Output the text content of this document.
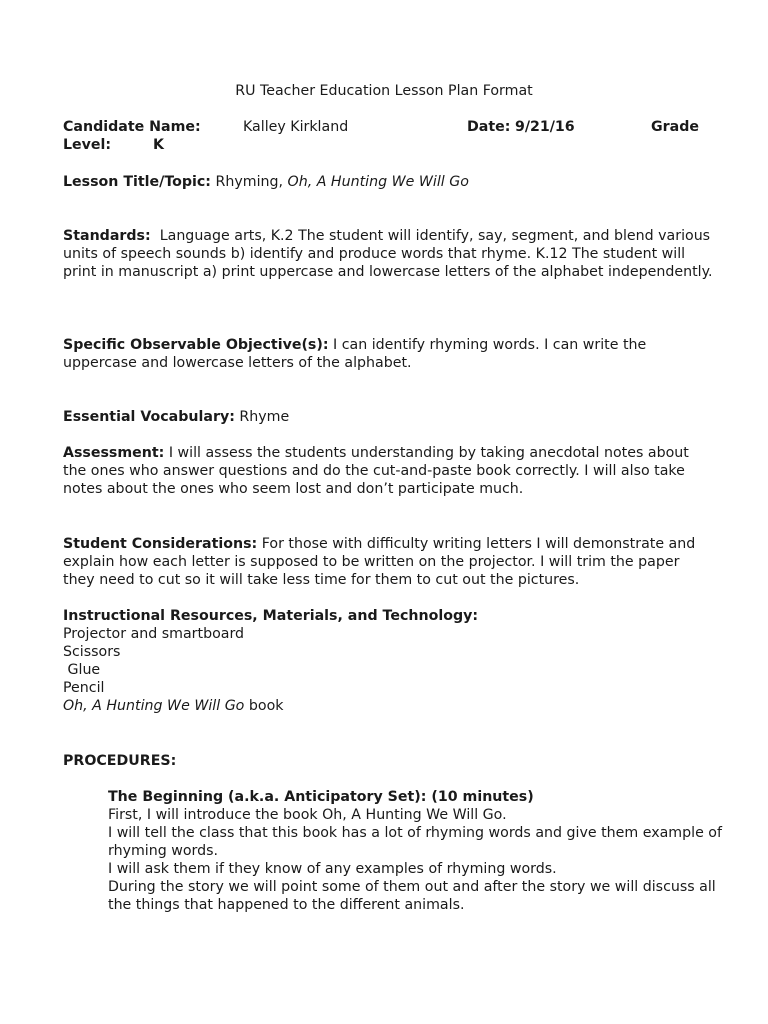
RU Teacher Education Lesson Plan Format
Candidate Name:	Kalley Kirkland	Date: 9/21/16	Grade
Level:	K
Lesson Title/Topic: Rhyming, Oh, A Hunting We Will Go
Standards: Language arts, K.2 The student will identify, say, segment, and blend various units of speech sounds b) identify and produce words that rhyme. K.12 The student will print in manuscript a) print uppercase and lowercase letters of the alphabet independently.
Specific Observable Objective(s): I can identify rhyming words. I can write the uppercase and lowercase letters of the alphabet.
Essential Vocabulary: Rhyme
Assessment: I will assess the students understanding by taking anecdotal notes about the ones who answer questions and do the cut-and-paste book correctly. I will also take notes about the ones who seem lost and don’t participate much.
Student Considerations: For those with difficulty writing letters I will demonstrate and explain how each letter is supposed to be written on the projector. I will trim the paper they need to cut so it will take less time for them to cut out the pictures.
Instructional Resources, Materials, and Technology:
Projector and smartboard
Scissors
Glue
Pencil
Oh, A Hunting We Will Go book
PROCEDURES:
The Beginning (a.k.a. Anticipatory Set): (10 minutes)
First, I will introduce the book Oh, A Hunting We Will Go.
I will tell the class that this book has a lot of rhyming words and give them example of rhyming words.
I will ask them if they know of any examples of rhyming words.
During the story we will point some of them out and after the story we will discuss all the things that happened to the different animals.
